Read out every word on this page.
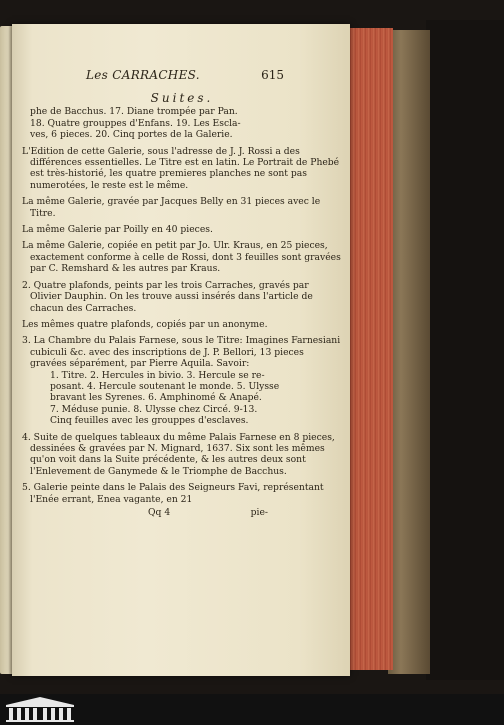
Les CARRACHES.	615
Suites.

phe de Bacchus. 17. Diane trompée par Pan.

18. Quatre grouppes d'Enfans. 19. Les Escla-

ves, 6 pieces. 20. Cinq portes de la Galerie.

L'Edition de cette Galerie, sous l'adresse de J. J. Rossi a des différences essentielles. Le Titre est en latin. Le Portrait de Phebé est très-historié, les quatre premieres planches ne sont pas numerotées, le reste est le même.

La même Galerie, gravée par Jacques Belly en 31 pieces avec le Titre.

La même Galerie par Poilly en 40 pieces.

La même Galerie, copiée en petit par Jo. Ulr. Kraus, en 25 pieces, exactement conforme à celle de Rossi, dont 3 feuilles sont gravées par C. Remshard & les autres par Kraus.

2. Quatre plafonds, peints par les trois Carraches, gravés par Olivier Dauphin. On les trouve aussi insérés dans l'article de chacun des Carraches.

Les mêmes quatre plafonds, copiés par un anonyme.

3. La Chambre du Palais Farnese, sous le Titre: Imagines Farnesiani cubiculi &c. avec des inscriptions de J. P. Bellori, 13 pieces gravées séparément, par Pierre Aquila. Savoir:

1. Titre. 2. Hercules in bivio. 3. Hercule se re-

posant. 4. Hercule soutenant le monde. 5. Ulysse

bravant les Syrenes. 6. Amphinomé & Anapé.

7. Méduse punie. 8. Ulysse chez Circé. 9-13.

Cinq feuilles avec les grouppes d'esclaves.

4. Suite de quelques tableaux du même Palais Farnese en 8 pieces, dessinées & gravées par N. Mignard, 1637. Six sont les mêmes qu'on voit dans la Suite précédente, & les autres deux sont l'Enlevement de Ganymede & le Triomphe de Bacchus.

5. Galerie peinte dans le Palais des Seigneurs Favi, représentant l'Enée errant, Enea vagante, en 21

Qq 4	pie-
